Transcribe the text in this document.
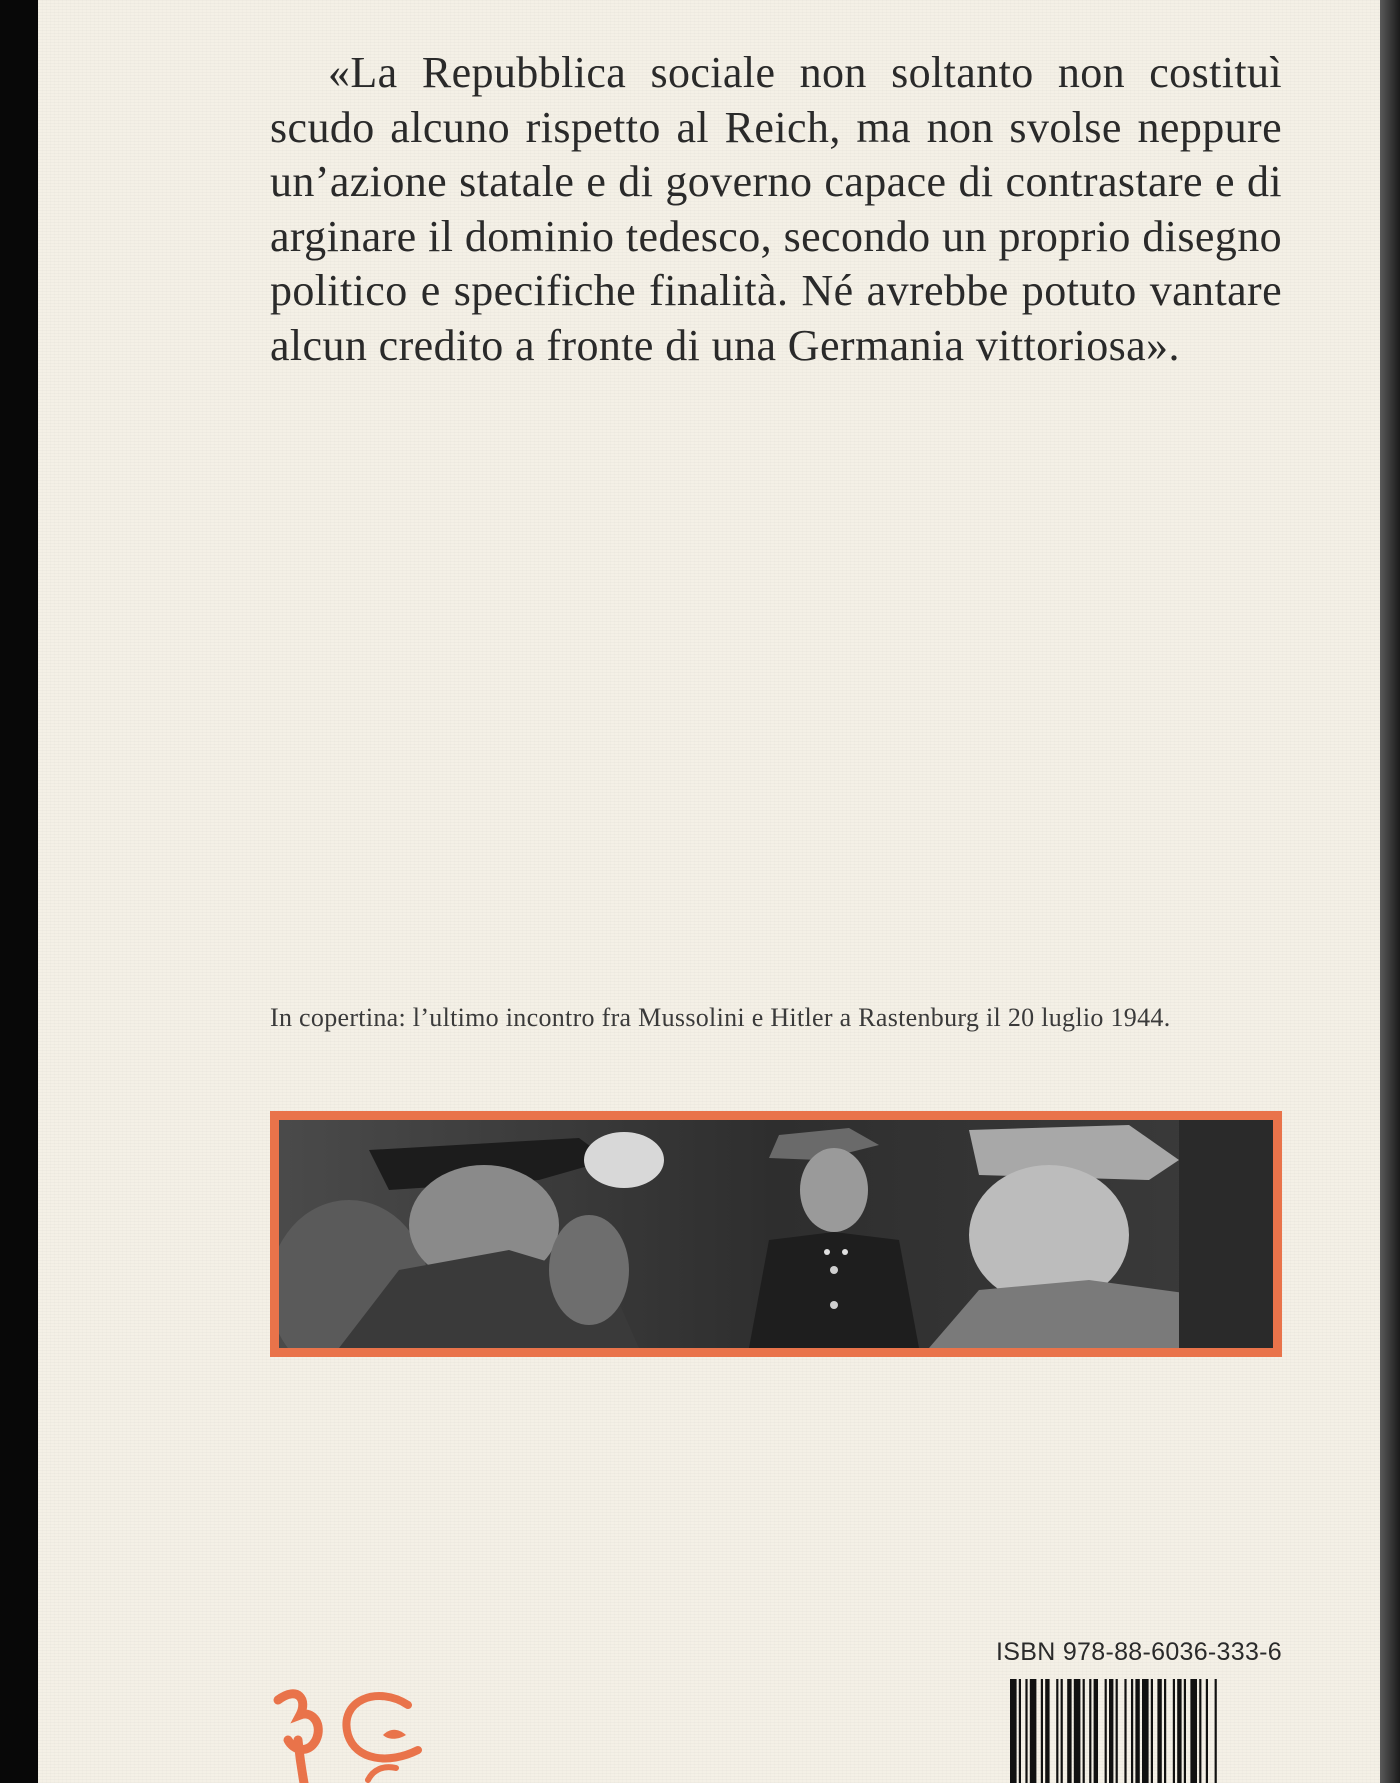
«La Repubblica sociale non soltanto non costituì scudo alcuno rispetto al Reich, ma non svolse neppure un’azione statale e di governo capace di contrastare e di arginare il dominio tedesco, secondo un proprio disegno politico e specifiche finalità. Né avrebbe potuto vantare alcun credito a fronte di una Germania vittoriosa».

In copertina: l’ultimo incontro fra Mussolini e Hitler a Rastenburg il 20 luglio 1944.

ISBN 978-88-6036-333-6
